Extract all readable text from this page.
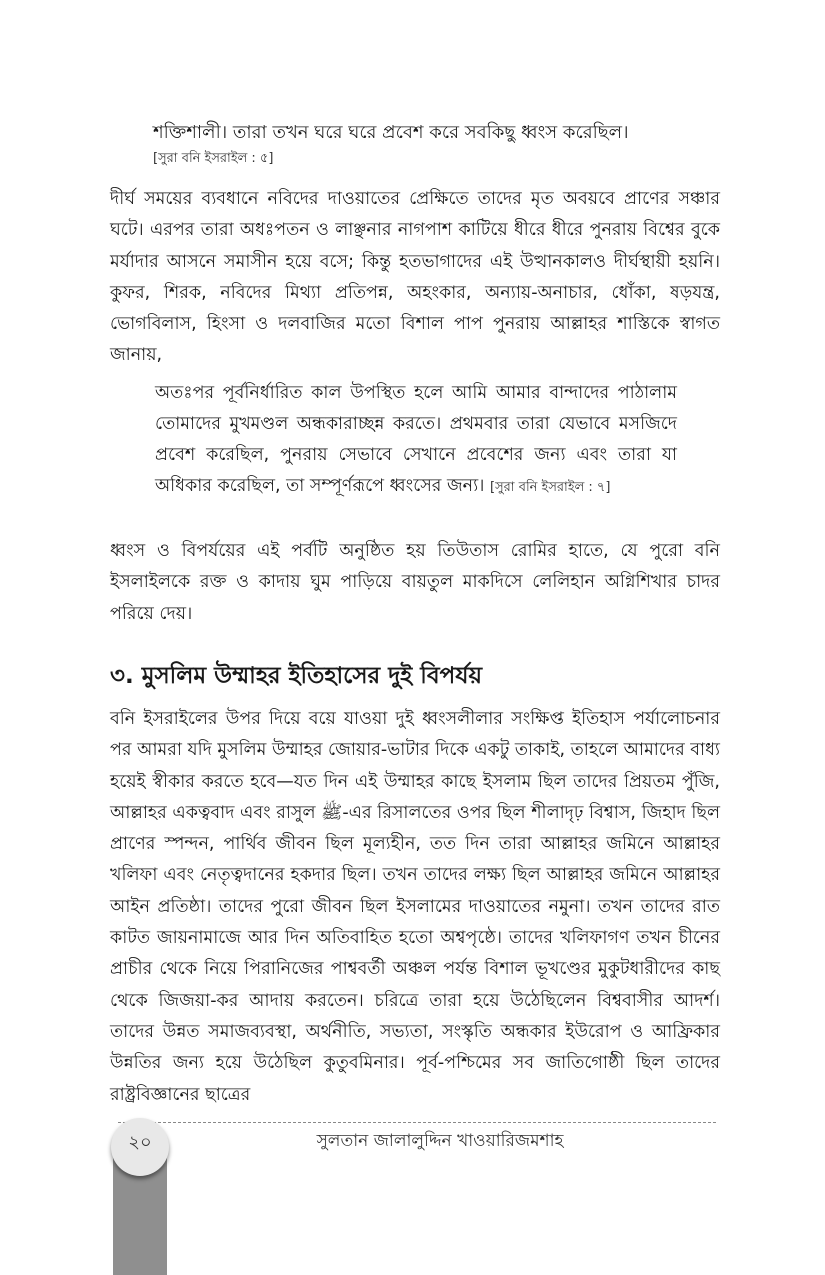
শক্তিশালী। তারা তখন ঘরে ঘরে প্রবেশ করে সবকিছু ধ্বংস করেছিল।
[সুরা বনি ইসরাইল : ৫]
দীর্ঘ সময়ের ব্যবধানে নবিদের দাওয়াতের প্রেক্ষিতে তাদের মৃত অবয়বে প্রাণের সঞ্চার ঘটে। এরপর তারা অধঃপতন ও লাঞ্ছনার নাগপাশ কাটিয়ে ধীরে ধীরে পুনরায় বিশ্বের বুকে মর্যাদার আসনে সমাসীন হয়ে বসে; কিন্তু হতভাগাদের এই উত্থানকালও দীর্ঘস্থায়ী হয়নি। কুফর, শিরক, নবিদের মিথ্যা প্রতিপন্ন, অহংকার, অন্যায়-অনাচার, ধোঁকা, ষড়যন্ত্র, ভোগবিলাস, হিংসা ও দলবাজির মতো বিশাল পাপ পুনরায় আল্লাহর শাস্তিকে স্বাগত জানায়,
অতঃপর পূর্বনির্ধারিত কাল উপস্থিত হলে আমি আমার বান্দাদের পাঠালাম তোমাদের মুখমণ্ডল অন্ধকারাচ্ছন্ন করতে। প্রথমবার তারা যেভাবে মসজিদে প্রবেশ করেছিল, পুনরায় সেভাবে সেখানে প্রবেশের জন্য এবং তারা যা অধিকার করেছিল, তা সম্পূর্ণরূপে ধ্বংসের জন্য। [সুরা বনি ইসরাইল : ৭]
ধ্বংস ও বিপর্যয়ের এই পর্বটি অনুষ্ঠিত হয় তিউতাস রোমির হাতে, যে পুরো বনি ইসলাইলকে রক্ত ও কাদায় ঘুম পাড়িয়ে বায়তুল মাকদিসে লেলিহান অগ্নিশিখার চাদর পরিয়ে দেয়।
৩. মুসলিম উম্মাহর ইতিহাসের দুই বিপর্যয়
বনি ইসরাইলের উপর দিয়ে বয়ে যাওয়া দুই ধ্বংসলীলার সংক্ষিপ্ত ইতিহাস পর্যালোচনার পর আমরা যদি মুসলিম উম্মাহর জোয়ার-ভাটার দিকে একটু তাকাই, তাহলে আমাদের বাধ্য হয়েই স্বীকার করতে হবে—যত দিন এই উম্মাহর কাছে ইসলাম ছিল তাদের প্রিয়তম পুঁজি, আল্লাহর একত্ববাদ এবং রাসুল ﷺ-এর রিসালতের ওপর ছিল শীলাদৃঢ় বিশ্বাস, জিহাদ ছিল প্রাণের স্পন্দন, পার্থিব জীবন ছিল মূল্যহীন, তত দিন তারা আল্লাহর জমিনে আল্লাহর খলিফা এবং নেতৃত্বদানের হকদার ছিল। তখন তাদের লক্ষ্য ছিল আল্লাহর জমিনে আল্লাহর আইন প্রতিষ্ঠা। তাদের পুরো জীবন ছিল ইসলামের দাওয়াতের নমুনা। তখন তাদের রাত কাটত জায়নামাজে আর দিন অতিবাহিত হতো অশ্বপৃষ্ঠে। তাদের খলিফাগণ তখন চীনের প্রাচীর থেকে নিয়ে পিরানিজের পাশ্ববর্তী অঞ্চল পর্যন্ত বিশাল ভূখণ্ডের মুকুটধারীদের কাছ থেকে জিজয়া-কর আদায় করতেন। চরিত্রে তারা হয়ে উঠেছিলেন বিশ্ববাসীর আদর্শ। তাদের উন্নত সমাজব্যবস্থা, অর্থনীতি, সভ্যতা, সংস্কৃতি অন্ধকার ইউরোপ ও আফ্রিকার উন্নতির জন্য হয়ে উঠেছিল কুতুবমিনার। পূর্ব-পশ্চিমের সব জাতিগোষ্ঠী ছিল তাদের রাষ্ট্রবিজ্ঞানের ছাত্রের
সুলতান জালালুদ্দিন খাওয়ারিজমশাহ
২০
